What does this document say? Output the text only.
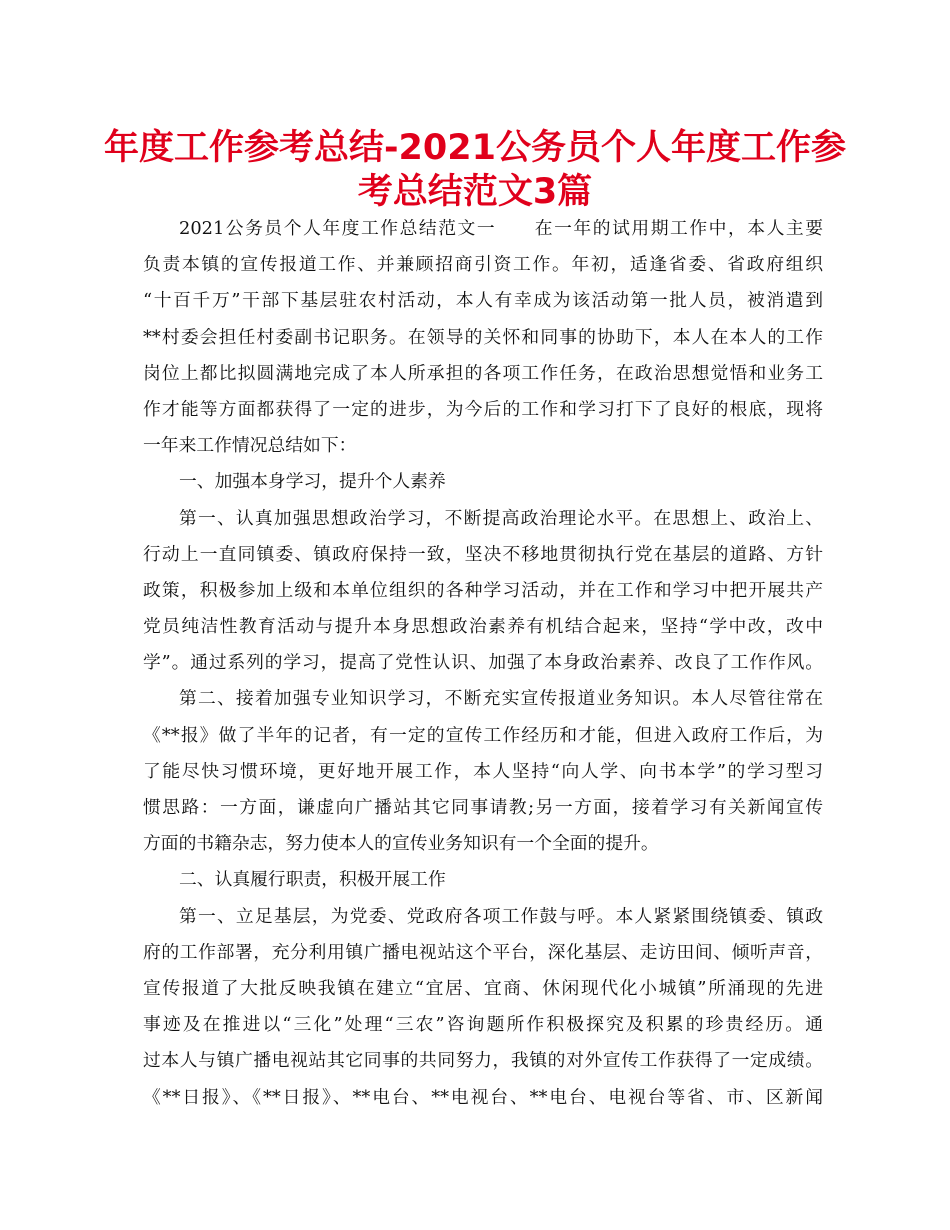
年度工作参考总结-2021公务员个人年度工作参
考总结范文3篇
2021公务员个人年度工作总结范文一　　在一年的试用期工作中，本人主要
负责本镇的宣传报道工作、并兼顾招商引资工作。年初，适逢省委、省政府组织
“十百千万”干部下基层驻农村活动，本人有幸成为该活动第一批人员，被消遣到
**村委会担任村委副书记职务。在领导的关怀和同事的协助下，本人在本人的工作
岗位上都比拟圆满地完成了本人所承担的各项工作任务，在政治思想觉悟和业务工
作才能等方面都获得了一定的进步，为今后的工作和学习打下了良好的根底，现将
一年来工作情况总结如下：
一、加强本身学习，提升个人素养
第一、认真加强思想政治学习，不断提高政治理论水平。在思想上、政治上、
行动上一直同镇委、镇政府保持一致，坚决不移地贯彻执行党在基层的道路、方针
政策，积极参加上级和本单位组织的各种学习活动，并在工作和学习中把开展共产
党员纯洁性教育活动与提升本身思想政治素养有机结合起来，坚持“学中改，改中
学”。通过系列的学习，提高了党性认识、加强了本身政治素养、改良了工作作风。
第二、接着加强专业知识学习，不断充实宣传报道业务知识。本人尽管往常在
《**报》做了半年的记者，有一定的宣传工作经历和才能，但进入政府工作后，为
了能尽快习惯环境，更好地开展工作，本人坚持“向人学、向书本学”的学习型习
惯思路：一方面，谦虚向广播站其它同事请教;另一方面，接着学习有关新闻宣传
方面的书籍杂志，努力使本人的宣传业务知识有一个全面的提升。
二、认真履行职责，积极开展工作
第一、立足基层，为党委、党政府各项工作鼓与呼。本人紧紧围绕镇委、镇政
府的工作部署，充分利用镇广播电视站这个平台，深化基层、走访田间、倾听声音，
宣传报道了大批反映我镇在建立“宜居、宜商、休闲现代化小城镇”所涌现的先进
事迹及在推进以“三化”处理“三农”咨询题所作积极探究及积累的珍贵经历。通
过本人与镇广播电视站其它同事的共同努力，我镇的对外宣传工作获得了一定成绩。
《**日报》、《**日报》、**电台、**电视台、**电台、电视台等省、市、区新闻
